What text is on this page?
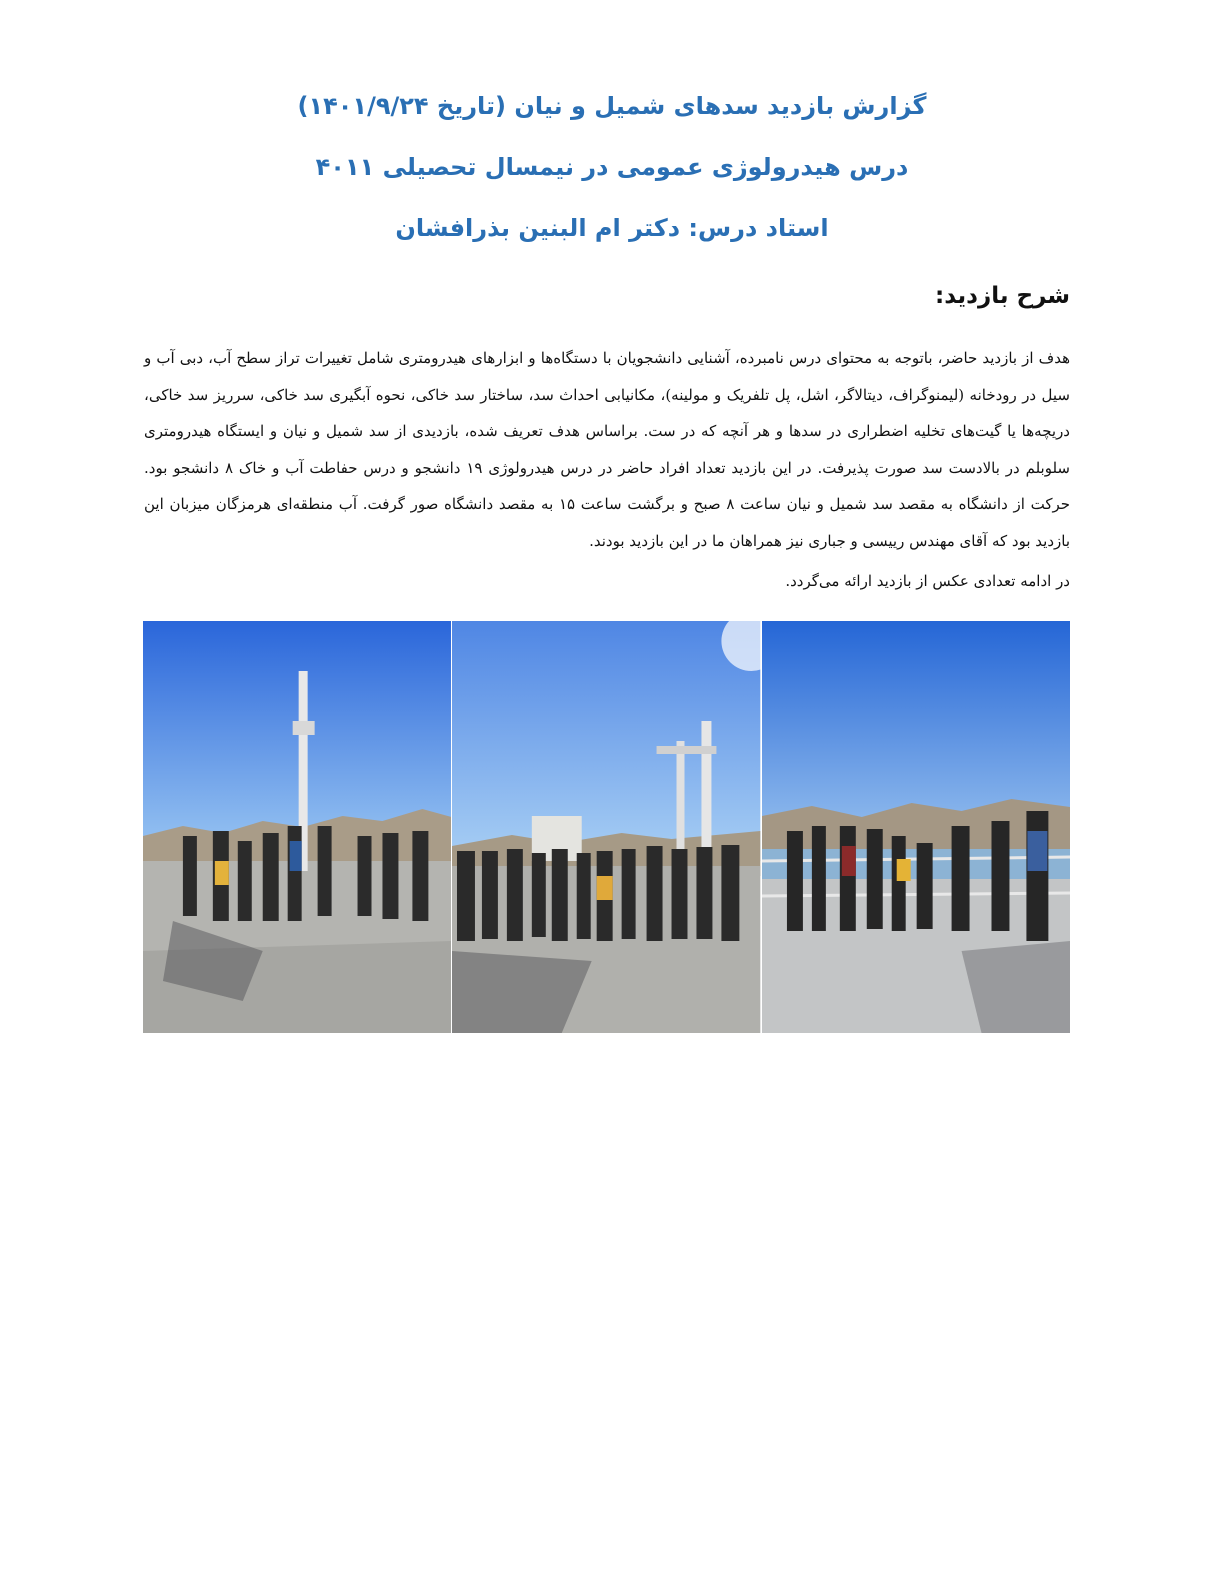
گزارش بازدید سدهای شمیل و نیان (تاریخ ۱۴۰۱/۹/۲۴)

درس هیدرولوژی عمومی در نیمسال تحصیلی ۴۰۱۱

استاد درس: دکتر ام البنین بذرافشان

شرح بازدید:

هدف از بازدید حاضر، باتوجه به محتوای درس نامبرده، آشنایی دانشجویان با دستگاه‌ها و ابزارهای هیدرومتری شامل تغییرات تراز سطح آب، دبی آب و سیل در رودخانه (لیمنوگراف، دیتالاگر، اشل، پل تلفریک و مولینه)، مکانیابی احداث سد، ساختار سد خاکی، نحوه آبگیری سد خاکی، سرریز سد خاکی، دریچه‌ها یا گیت‌های تخلیه اضطراری در سدها و هر آنچه که در ست. براساس هدف تعریف شده، بازدیدی از سد شمیل و نیان و ایستگاه هیدرومتری سلوبلم در بالادست سد صورت پذیرفت. در این بازدید تعداد افراد حاضر در درس هیدرولوژی ۱۹ دانشجو و درس حفاطت آب و خاک ۸ دانشجو بود. حرکت از دانشگاه به مقصد سد شمیل و نیان ساعت ۸ صبح و برگشت ساعت ۱۵ به مقصد دانشگاه صور گرفت. آب منطقه‌ای هرمزگان میزبان این بازدید بود که آقای مهندس رییسی و جباری نیز همراهان ما در این بازدید بودند.

در ادامه تعدادی عکس از بازدید ارائه می‌گردد.
